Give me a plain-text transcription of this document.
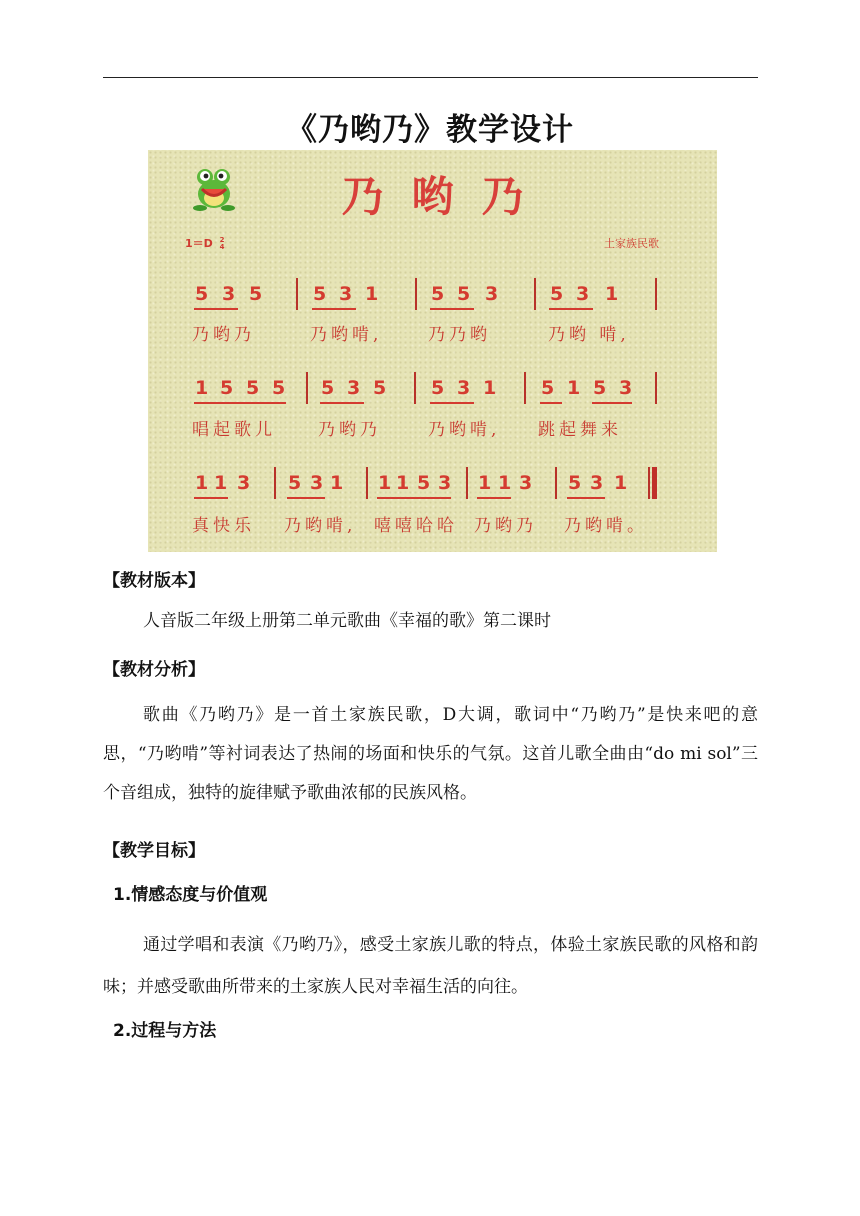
《乃哟乃》教学设计
乃哟乃
1＝D 2
4	土家族民歌
5 3 5	5 3 1	5 5 3	5 3 1
乃哟乃	乃哟啃,	乃乃哟	乃哟 啃,
1 5 5 5 5 3 5 5 3 1 5 1 5 3
唱起歌儿 乃哟乃	乃哟啃, 跳起舞来
1 1 3 5 3 1 1 1 5 3 1 1 3 5 3 1
真快乐 乃哟啃, 嘻嘻哈哈 乃哟乃 乃哟啃。
【教材版本】
人音版二年级上册第二单元歌曲《幸福的歌》第二课时
【教材分析】
歌曲《乃哟乃》是一首土家族民歌，D大调，歌词中“乃哟乃”是快来吧的意思，“乃哟啃”等衬词表达了热闹的场面和快乐的气氛。这首儿歌全曲由“do mi sol”三个音组成，独特的旋律赋予歌曲浓郁的民族风格。
【教学目标】
1.情感态度与价值观
通过学唱和表演《乃哟乃》，感受土家族儿歌的特点，体验土家族民歌的风格和韵味；并感受歌曲所带来的土家族人民对幸福生活的向往。
2.过程与方法
